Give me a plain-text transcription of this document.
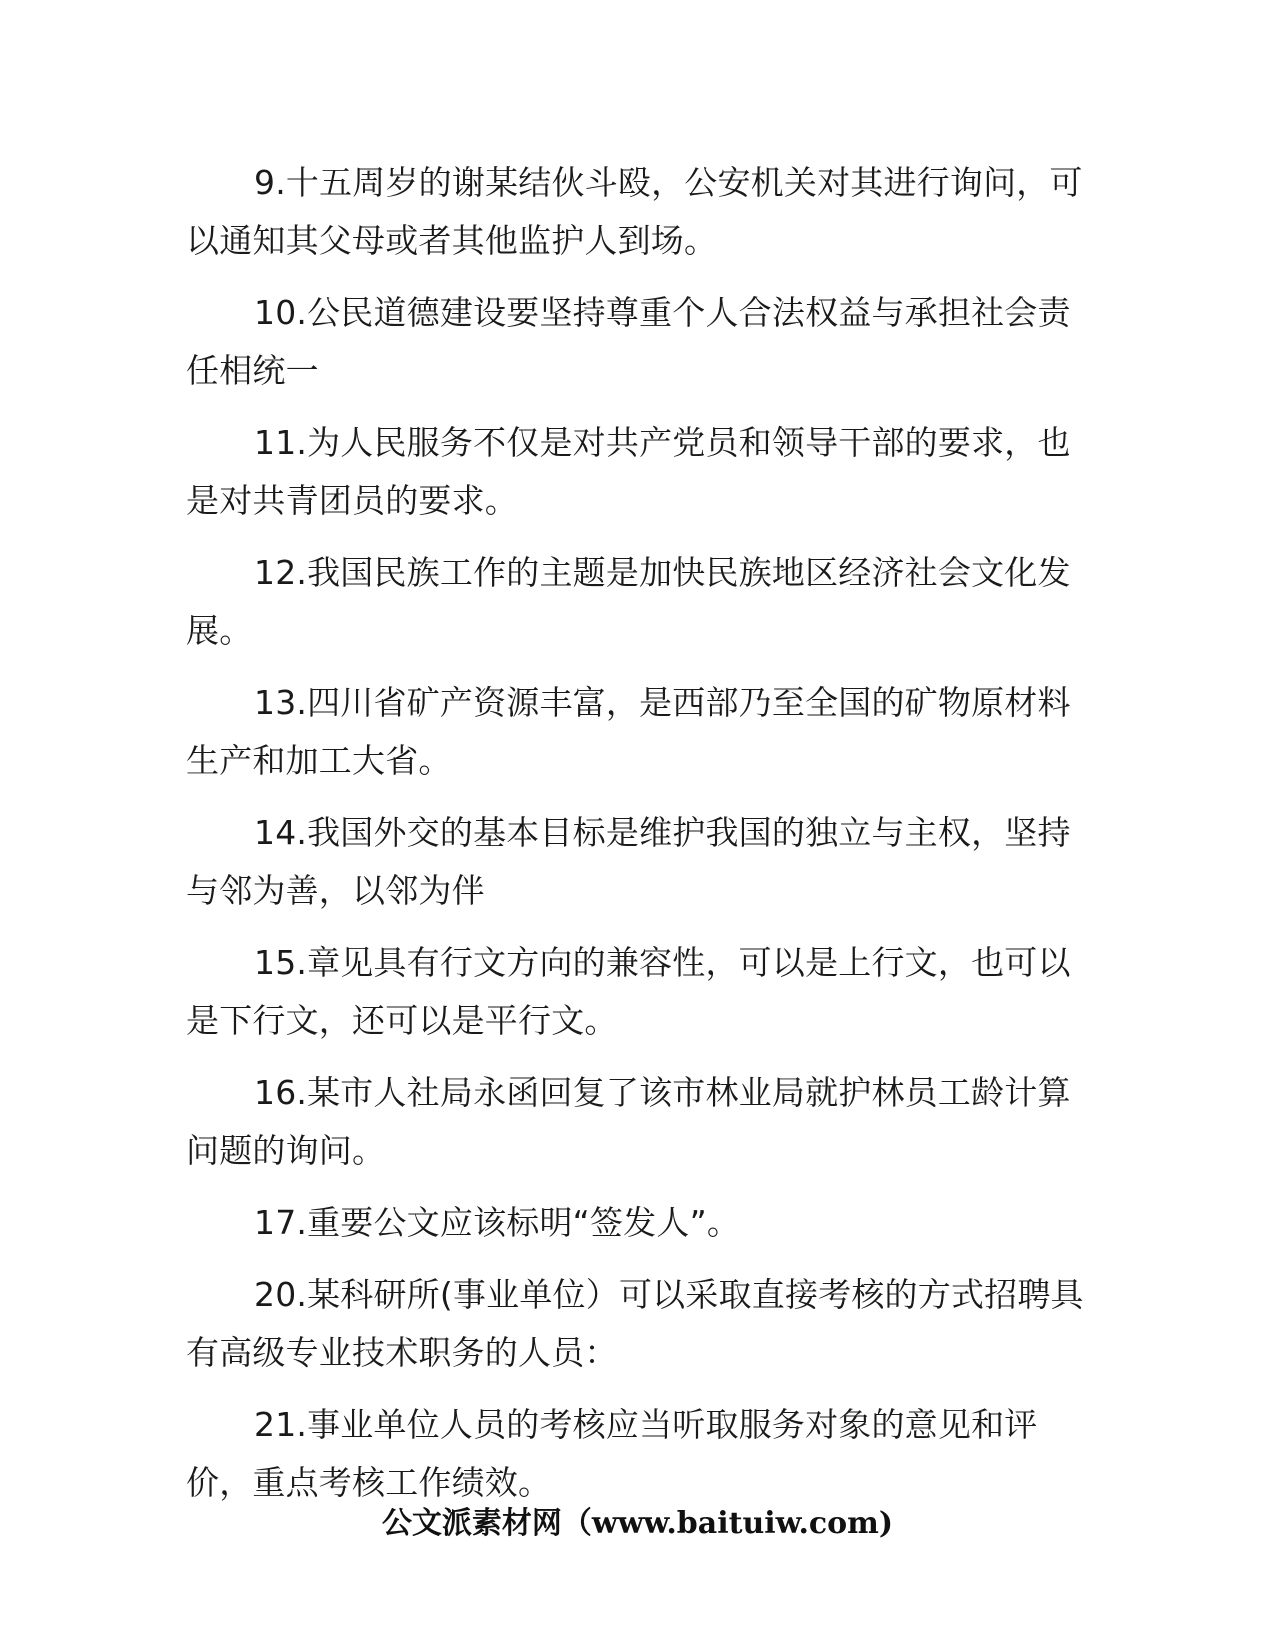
9.十五周岁的谢某结伙斗殴，公安机关对其进行询问，可以通知其父母或者其他监护人到场。

10.公民道德建设要坚持尊重个人合法权益与承担社会责任相统一

11.为人民服务不仅是对共产党员和领导干部的要求，也是对共青团员的要求。

12.我国民族工作的主题是加快民族地区经济社会文化发展。

13.四川省矿产资源丰富，是西部乃至全国的矿物原材料生产和加工大省。

14.我国外交的基本目标是维护我国的独立与主权，坚持与邻为善，以邻为伴

15.章见具有行文方向的兼容性，可以是上行文，也可以是下行文，还可以是平行文。

16.某市人社局永函回复了该市林业局就护林员工龄计算问题的询问。

17.重要公文应该标明“签发人”。

20.某科研所(事业单位）可以采取直接考核的方式招聘具有高级专业技术职务的人员：

21.事业单位人员的考核应当听取服务对象的意见和评价，重点考核工作绩效。

公文派素材网（www.baituiw.com)
